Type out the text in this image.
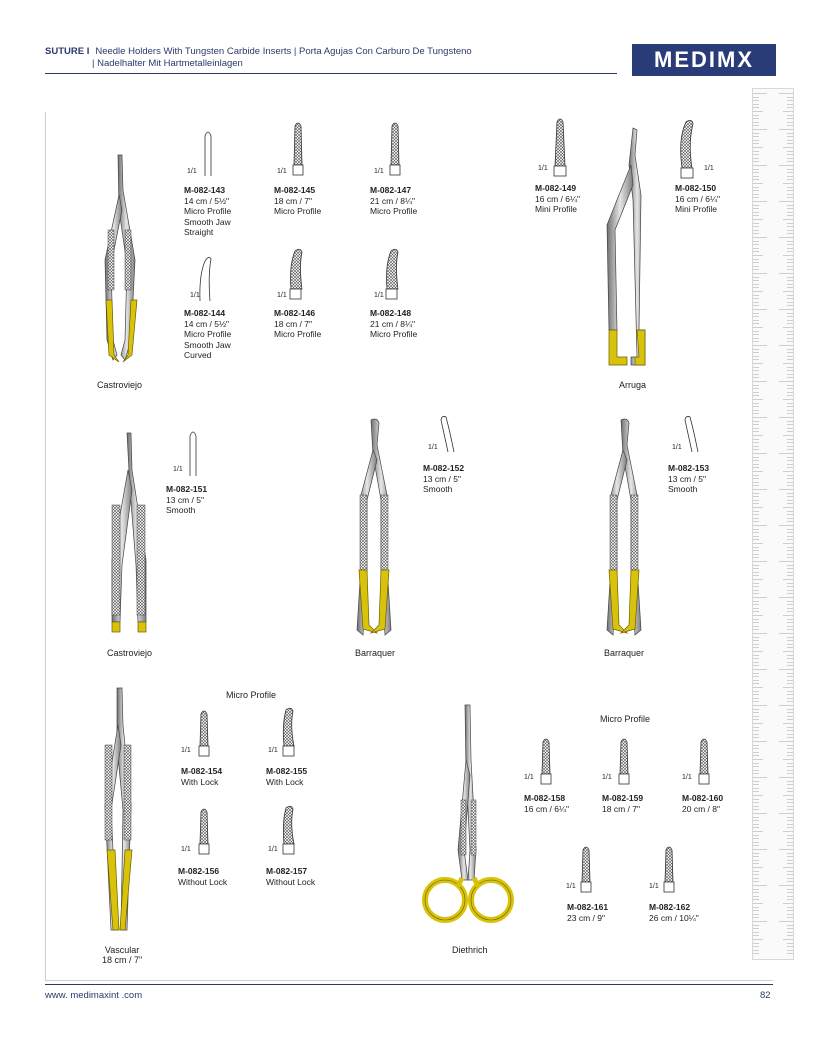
SUTURE I Needle Holders With Tungsten Carbide Inserts | Porta Agujas Con Carburo De Tungsteno
| Nadelhalter Mit Hartmetalleinlagen	MEDIMX
Castroviejo
1/1	1/1	1/1	1/1	1/1
M-082-143
14 cm / 5½"
Micro Profile
Smooth Jaw
Straight
M-082-145
18 cm / 7"
Micro Profile
M-082-147
21 cm / 8¼"
Micro Profile
M-082-149
16 cm / 6¼"
Mini Profile
M-082-150
16 cm / 6¼"
Mini Profile
1/1	1/1	1/1
M-082-144
14 cm / 5½"
Micro Profile
Smooth Jaw
Curved
M-082-146
18 cm / 7"
Micro Profile
M-082-148
21 cm / 8¼"
Micro Profile
Arruga
Castroviejo
1/1
M-082-151
13 cm / 5"
Smooth
Barraquer
1/1
M-082-152
13 cm / 5"
Smooth
Barraquer
1/1
M-082-153
13 cm / 5"
Smooth
Vascular
18 cm / 7"
Micro Profile
1/1	1/1
M-082-154
With Lock
M-082-155
With Lock
1/1	1/1
M-082-156
Without Lock
M-082-157
Without Lock
Diethrich
Micro Profile
1/1	1/1	1/1
M-082-158
16 cm / 6¼"
M-082-159
18 cm / 7"
M-082-160
20 cm / 8"
1/1	1/1
M-082-161
23 cm / 9"
M-082-162
26 cm / 10¼"
www. medimaxint .com	82
